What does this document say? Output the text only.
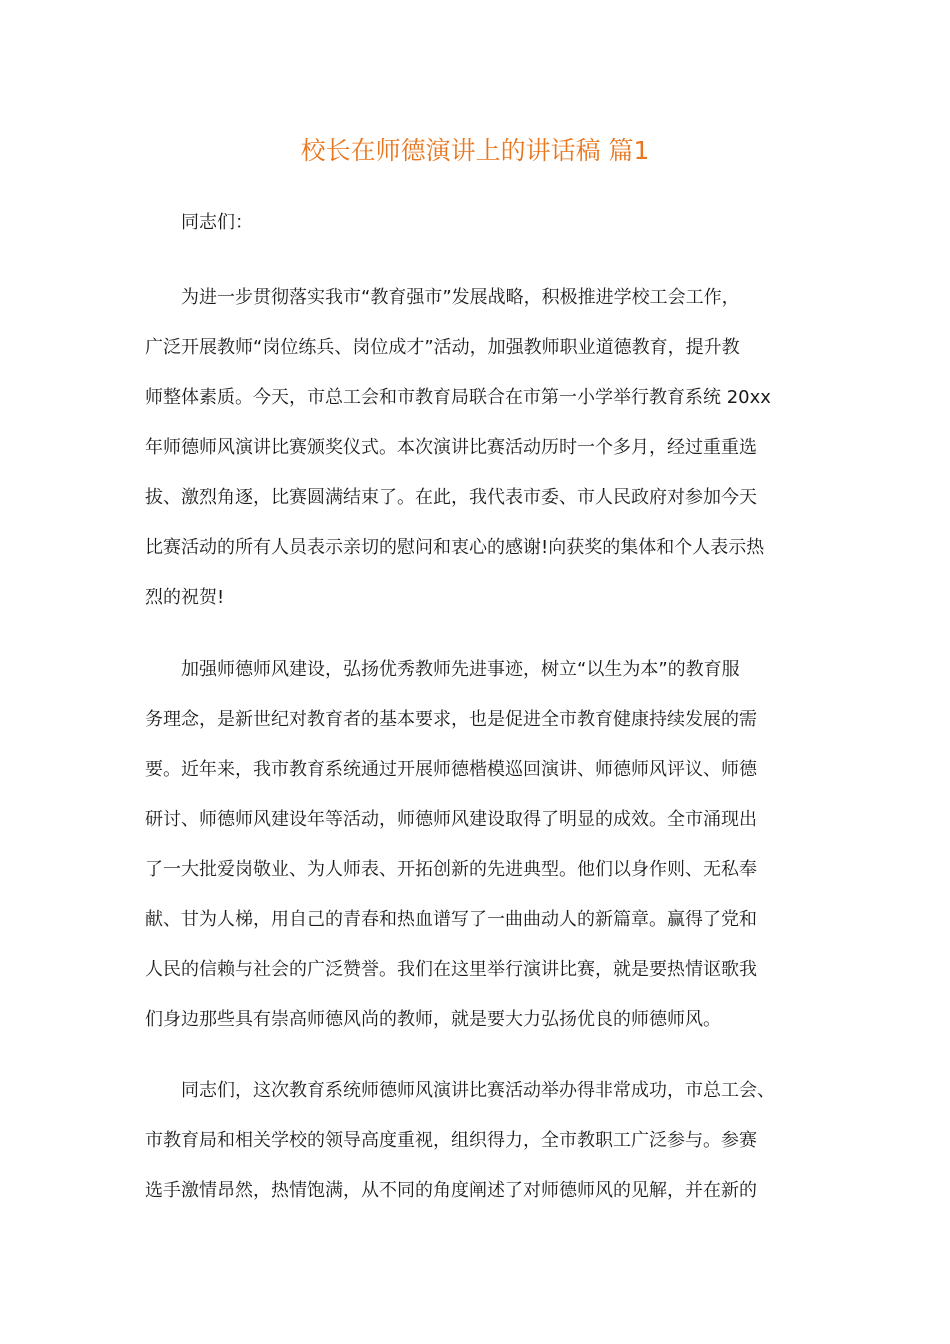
校长在师德演讲上的讲话稿 篇1
同志们：
为进一步贯彻落实我市“教育强市”发展战略，积极推进学校工会工作，
广泛开展教师“岗位练兵、岗位成才”活动，加强教师职业道德教育，提升教
师整体素质。今天，市总工会和市教育局联合在市第一小学举行教育系统 20xx
年师德师风演讲比赛颁奖仪式。本次演讲比赛活动历时一个多月，经过重重选
拔、激烈角逐，比赛圆满结束了。在此，我代表市委、市人民政府对参加今天
比赛活动的所有人员表示亲切的慰问和衷心的感谢!向获奖的集体和个人表示热
烈的祝贺!
加强师德师风建设，弘扬优秀教师先进事迹，树立“以生为本”的教育服
务理念，是新世纪对教育者的基本要求，也是促进全市教育健康持续发展的需
要。近年来，我市教育系统通过开展师德楷模巡回演讲、师德师风评议、师德
研讨、师德师风建设年等活动，师德师风建设取得了明显的成效。全市涌现出
了一大批爱岗敬业、为人师表、开拓创新的先进典型。他们以身作则、无私奉
献、甘为人梯，用自己的青春和热血谱写了一曲曲动人的新篇章。赢得了党和
人民的信赖与社会的广泛赞誉。我们在这里举行演讲比赛，就是要热情讴歌我
们身边那些具有崇高师德风尚的教师，就是要大力弘扬优良的师德师风。
同志们，这次教育系统师德师风演讲比赛活动举办得非常成功，市总工会、
市教育局和相关学校的领导高度重视，组织得力，全市教职工广泛参与。参赛
选手激情昂然，热情饱满，从不同的角度阐述了对师德师风的见解，并在新的
